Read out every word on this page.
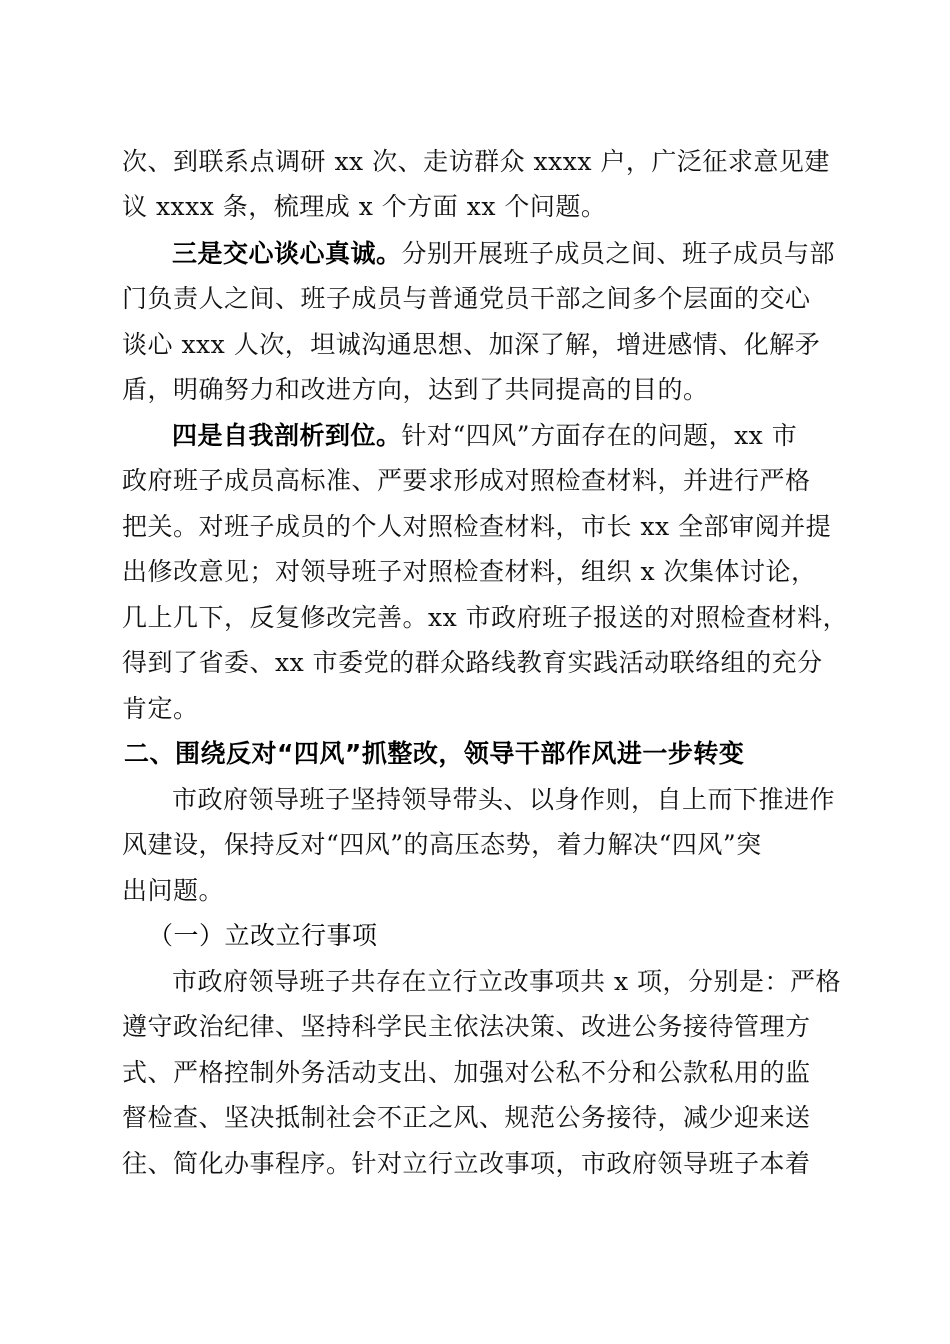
次、到联系点调研 xx 次、走访群众 xxxx 户，广泛征求意见建
议 xxxx 条，梳理成 x 个方面 xx 个问题。
三是交心谈心真诚。分别开展班子成员之间、班子成员与部
门负责人之间、班子成员与普通党员干部之间多个层面的交心
谈心 xxx 人次，坦诚沟通思想、加深了解，增进感情、化解矛
盾，明确努力和改进方向，达到了共同提高的目的。
四是自我剖析到位。针对“四风”方面存在的问题，xx 市
政府班子成员高标准、严要求形成对照检查材料，并进行严格
把关。对班子成员的个人对照检查材料，市长 xx 全部审阅并提
出修改意见；对领导班子对照检查材料，组织 x 次集体讨论，
几上几下，反复修改完善。xx 市政府班子报送的对照检查材料，
得到了省委、xx 市委党的群众路线教育实践活动联络组的充分
肯定。
二、围绕反对“四风”抓整改，领导干部作风进一步转变
市政府领导班子坚持领导带头、以身作则，自上而下推进作
风建设，保持反对“四风”的高压态势，着力解决“四风”突
出问题。
（一）立改立行事项
市政府领导班子共存在立行立改事项共 x 项，分别是：严格
遵守政治纪律、坚持科学民主依法决策、改进公务接待管理方
式、严格控制外务活动支出、加强对公私不分和公款私用的监
督检查、坚决抵制社会不正之风、规范公务接待，减少迎来送
往、简化办事程序。针对立行立改事项，市政府领导班子本着
